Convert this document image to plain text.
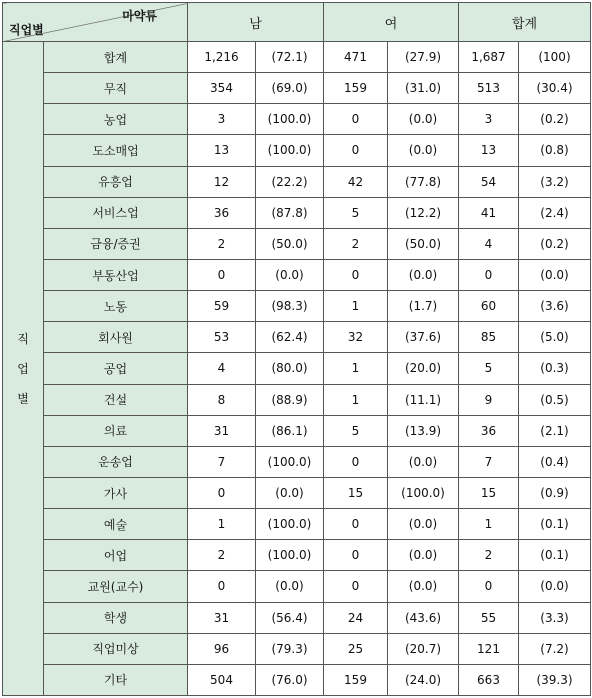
마약류
직업별		남		여		합계	

직
업
별	합계	1,216	(72.1)	471	(27.9)	1,687	(100)
	무직	354	(69.0)	159	(31.0)	513	(30.4)
	농업	3	(100.0)	0	(0.0)	3	(0.2)
	도소매업	13	(100.0)	0	(0.0)	13	(0.8)
	유흥업	12	(22.2)	42	(77.8)	54	(3.2)
	서비스업	36	(87.8)	5	(12.2)	41	(2.4)
	금융/증권	2	(50.0)	2	(50.0)	4	(0.2)
	부동산업	0	(0.0)	0	(0.0)	0	(0.0)
	노동	59	(98.3)	1	(1.7)	60	(3.6)
	회사원	53	(62.4)	32	(37.6)	85	(5.0)
	공업	4	(80.0)	1	(20.0)	5	(0.3)
	건설	8	(88.9)	1	(11.1)	9	(0.5)
	의료	31	(86.1)	5	(13.9)	36	(2.1)
	운송업	7	(100.0)	0	(0.0)	7	(0.4)
	가사	0	(0.0)	15	(100.0)	15	(0.9)
	예술	1	(100.0)	0	(0.0)	1	(0.1)
	어업	2	(100.0)	0	(0.0)	2	(0.1)
	교원(교수)	0	(0.0)	0	(0.0)	0	(0.0)
	학생	31	(56.4)	24	(43.6)	55	(3.3)
	직업미상	96	(79.3)	25	(20.7)	121	(7.2)
	기타	504	(76.0)	159	(24.0)	663	(39.3)
